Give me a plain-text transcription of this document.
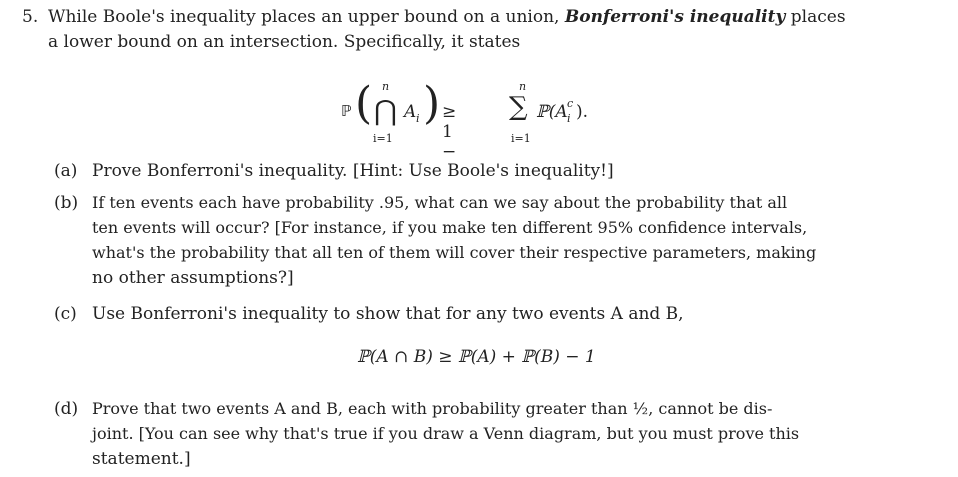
5. While Boole's inequality places an upper bound on a union, Bonferroni's inequality places
a lower bound on an intersection. Specifically, it states
ℙ ( n
⋂
i=1
A i ) ≥ 1 −
n
∑
i=1
ℙ(A c
i ).
(a) Prove Bonferroni's inequality. [Hint: Use Boole's inequality!]
(b) If ten events each have probability .95, what can we say about the probability that all
ten events will occur? [For instance, if you make ten different 95% confidence intervals,
what's the probability that all ten of them will cover their respective parameters, making
no other assumptions?]
(c) Use Bonferroni's inequality to show that for any two events A and B,
ℙ(A ∩ B) ≥ ℙ(A) + ℙ(B) − 1
(d) Prove that two events A and B, each with probability greater than ½, cannot be dis-
joint. [You can see why that's true if you draw a Venn diagram, but you must prove this
statement.]
